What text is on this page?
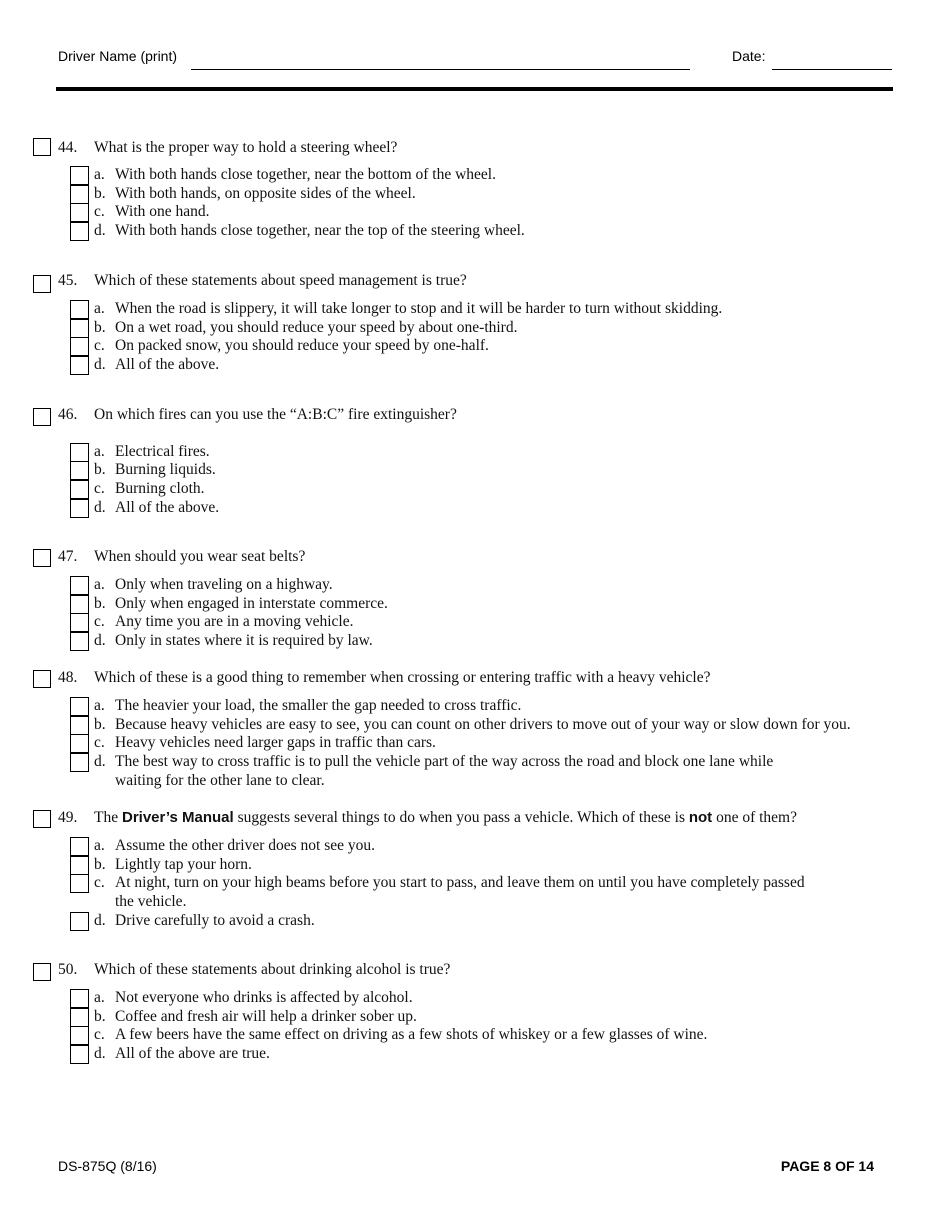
Driver Name (print)	Date:
44. What is the proper way to hold a steering wheel?
a. With both hands close together, near the bottom of the wheel.
b. With both hands, on opposite sides of the wheel.
c. With one hand.
d. With both hands close together, near the top of the steering wheel.
45. Which of these statements about speed management is true?
a. When the road is slippery, it will take longer to stop and it will be harder to turn without skidding.
b. On a wet road, you should reduce your speed by about one-third.
c. On packed snow, you should reduce your speed by one-half.
d. All of the above.
46. On which fires can you use the “A:B:C” fire extinguisher?
a. Electrical fires.
b. Burning liquids.
c. Burning cloth.
d. All of the above.
47. When should you wear seat belts?
a. Only when traveling on a highway.
b. Only when engaged in interstate commerce.
c. Any time you are in a moving vehicle.
d. Only in states where it is required by law.
48. Which of these is a good thing to remember when crossing or entering traffic with a heavy vehicle?
a. The heavier your load, the smaller the gap needed to cross traffic.
b. Because heavy vehicles are easy to see, you can count on other drivers to move out of your way or slow down for you.
c. Heavy vehicles need larger gaps in traffic than cars.
d. The best way to cross traffic is to pull the vehicle part of the way across the road and block one lane while
waiting for the other lane to clear.
49. The Driver’s Manual suggests several things to do when you pass a vehicle. Which of these is not one of them?
a. Assume the other driver does not see you.
b. Lightly tap your horn.
c. At night, turn on your high beams before you start to pass, and leave them on until you have completely passed
the vehicle.
d. Drive carefully to avoid a crash.
50. Which of these statements about drinking alcohol is true?
a. Not everyone who drinks is affected by alcohol.
b. Coffee and fresh air will help a drinker sober up.
c. A few beers have the same effect on driving as a few shots of whiskey or a few glasses of wine.
d. All of the above are true.
DS-875Q (8/16)	PAGE 8 OF 14
